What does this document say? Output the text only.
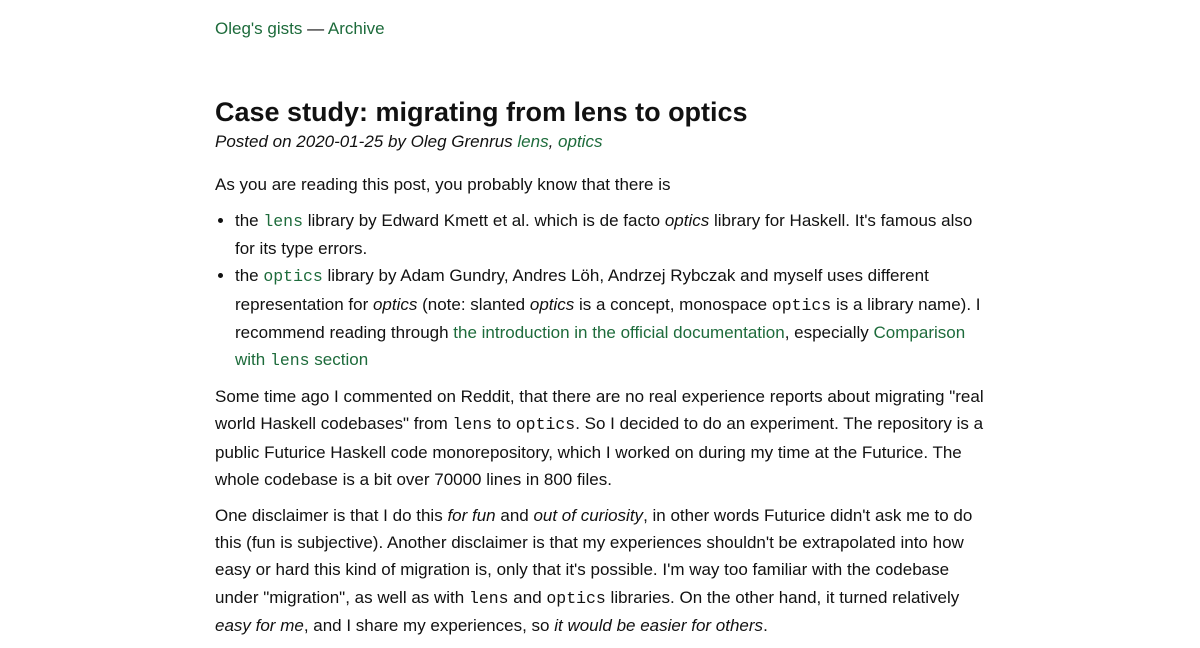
Oleg's gists — Archive
Case study: migrating from lens to optics
Posted on 2020-01-25 by Oleg Grenrus lens, optics

As you are reading this post, you probably know that there is

• the lens library by Edward Kmett et al. which is de facto optics library for Haskell. It's famous also for its type errors.
• the optics library by Adam Gundry, Andres Löh, Andrzej Rybczak and myself uses different representation for optics (note: slanted optics is a concept, monospace optics is a library name). I recommend reading through the introduction in the official documentation, especially Comparison with lens section

Some time ago I commented on Reddit, that there are no real experience reports about migrating "real world Haskell codebases" from lens to optics. So I decided to do an experiment. The repository is a public Futurice Haskell code monorepository, which I worked on during my time at the Futurice. The whole codebase is a bit over 70000 lines in 800 files.

One disclaimer is that I do this for fun and out of curiosity, in other words Futurice didn't ask me to do this (fun is subjective). Another disclaimer is that my experiences shouldn't be extrapolated into how easy or hard this kind of migration is, only that it's possible. I'm way too familiar with the codebase under "migration", as well as with lens and optics libraries. On the other hand, it turned relatively easy for me, and I share my experiences, so it would be easier for others.
